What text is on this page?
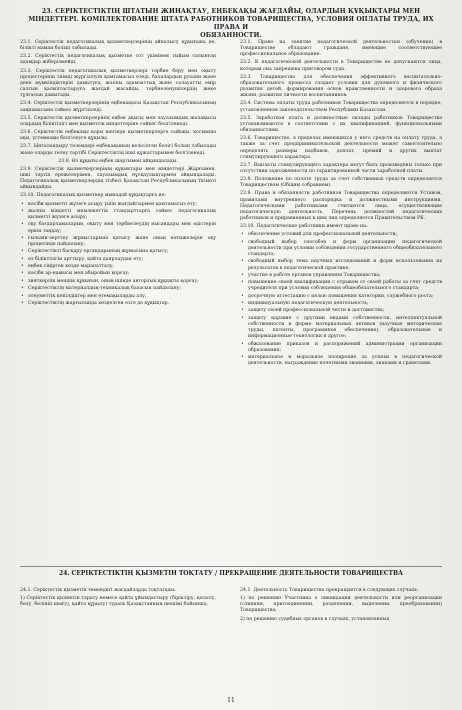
23. СЕРІКТЕСТІКТІҢ ШТАТЫН ЖИНАҚТАУ, ЕҢБЕКАҚЫ ЖАҒДАЙЫ, ОЛАРДЫҢ ҚҰҚЫҚТАРЫ МЕН
МІНДЕТТЕРІ. КОМПЛЕКТОВАНИЕ ШТАТА РАБОТНИКОВ ТОВАРИЩЕСТВА, УСЛОВИЯ ОПЛАТЫ ТРУДА, ИХ ПРАВА И
ОБЯЗАННОСТИ.

23.1. Серіктестік педагогикалық қызметкерлерінің айналысу құқығына ие, білікті маман болып табылады.

23.2. Серіктестік педагогикалық қызметке сот үкімімен тыйым салынған адамдар жіберілмейді.

23.3. Серіктестік педагогикалық қызметкерлері тәрбие беру мен оқыту процестерінің тиімді жүргізілуін қамтамасыз етеді, балалардың рухани және дене мүмкіндіктерін дамытуға, жалпы адамзаттық және салауатты өмір салтын қалыптастыруға жағдай жасайды, тәрбиеленушілердің жеке тұлғасын дамытады.

23.4. Серіктестік қызметкерлерінің еңбекақысы Қазақстан Республикасының заңнамасына сәйкес жүргізіледі.

23.5. Серіктестік қызметкерлерінің еңбек ақысы мен лауазымдық жалақысы олардың біліктілігі мен қызметтік міндеттеріне сәйкес белгіленеді.

23.6. Серіктестік еңбекақы қоры шегінде қызметкерлерге сыйақы, қосымша ақы, үстемеақы белгілеуге құқылы.

23.7. Ынталандыру төлемдері еңбекақының келісілген бөлігі болып табылады және оларды төлеу тәртібі Серіктестіктің ішкі құжаттарымен белгіленеді.

23.8. Өз құқығы еңбек шартымен айқындалады.

23.9. Серіктестік қызметкерлерінің құқықтары мен міндеттері Жарғымен, ішкі тәртіп ережелерімен, лауазымдық нұсқаулықтармен айқындалады. Педагогикалық қызметкерлердің тізбесі Қазақстан Республикасының Үкіметі айқындайды.

23.10. Педагогикалық қызметкер мынадай құқықтарға ие:

• кәсіби қызметті жүзеге асыру үшін жағдайлармен қамтамасыз ету;
• жалпы міндетті мемлекеттік стандарттарға сәйкес педагогикалық қызметті жүзеге асыру;
• оқу бағдарламаларын, оқыту мен тәрбиелеудің нысандары мен әдістерін еркін таңдау;
• ғылыми-зерттеу жұмыстарына қатысу және оның нәтижелерін оқу процесінде пайдалану;
• Серіктестікті басқару органдарының жұмысына қатысу;
• өз біліктілігін арттыру, қайта даярлаудан өту;
• еңбек сіңірген кезде марапатталу;
• кәсіби ар-намысы мен абыройын қорғау;
• зияткерлік меншік құқығын, оның ішінде авторлық құқықты қорғау;
• Серіктестіктің материалдық-техникалық базасын пайдалану;
• әлеуметтік кепілдіктер мен өтемақыларды алу.
• Серіктестіктің жарғысында көзделген өзге де құқықтар.

23.1. Право на занятие педагогической деятельностью (обучение) в Товариществе обладают граждане, имеющие соответствующее профессиональное образование.

23.2. К педагогической деятельности в Товариществе не допускаются лица, которым она запрещена приговором суда.

23.3. Товарищество для обеспечения эффективного воспитательно-образовательного процесса создает условия для духовного и физического развития детей, формирования основ нравственности и здорового образа жизни, развития личности воспитанников.

23.4. Система оплаты труда работников Товарищества определяется в порядке, установленном законодательством Республики Казахстан.

23.5. Заработная плата и должностные оклады работников Товарищества устанавливаются в соответствии с их квалификацией, функциональными обязанностями.

23.6. Товарищество, в пределах имеющихся у него средств на оплату труда, а также за счет предпринимательской деятельности может самостоятельно определять размеры надбавок, доплат, премий и других выплат стимулирующего характера.

23.7. Выплаты стимулирующего характера могут быть произведены только при отсутствии задолженности по гарантированной части заработной платы.

23.8. Положение по оплате труда за счет собственных средств определяется Товариществом (Общим собранием).

23.9. Права и обязанности работников Товарищества определяются Уставом, правилами внутреннего распорядка и должностными инструкциями. Педагогическими работниками считаются лица, осуществляющие педагогическую деятельность. Перечень должностей педагогических работников и приравненных к ним лиц определяется Правительством РК.

23.10. Педагогические работники имеют право на:

• обеспечение условий для профессиональной деятельности;
• свободный выбор способов и форм организации педагогической деятельности при условии соблюдения государственного общеобязательного стандарта;
• свободный выбор тема научных исследований и форм использования их результатов в педагогической практике;
• участие в работе органов управления Товарищества;
• повышение своей квалификации с отрывом от своей работы за счет средств учредителя при условии соблюдения общеобязательного стандарта;
• досрочную аттестацию с целью повышения категории, служебного роста;
• индивидуальную педагогическую деятельность;
• защиту своей профессиональной чести и достоинства;
• защиту наравне с другими видами собственности, интеллектуальной собственности в форме материальных активов (научные методические труды, патенты, программное обеспечение), образовательные и информационные технологии и другое;
• обжалование приказов и распоряжений администрации организации образования;
• материальное и моральное поощрение за успехи в педагогической деятельности, награждение почетными званиями, знаками и грамотами.
24. СЕРІКТЕСТІКТІҢ ҚЫЗМЕТІН ТОҚТАТУ / ПРЕКРАЩЕНИЕ ДЕЯТЕЛЬНОСТИ ТОВАРИЩЕСТВА

24.1. Серіктестік қызметін төмендегі жағдайларда тоқтатады:

1) Серіктестік қызметін тарату немесе қайта ұйымдастыру (біріктіру, қосылу, бөлу, бөлініп шығу), қайта құрылу) тураль Қазақстанның шешімі бойынша;

24.1. Деятельность Товарищества прекращается в следующих случаях:

1) по решению Участника о ликвидации деятельности или реорганизации (слиянии, присоединении, разделении, выделении, преобразовании) Товарищества;

2) по решению судебных органов в случаях, установленных

11
